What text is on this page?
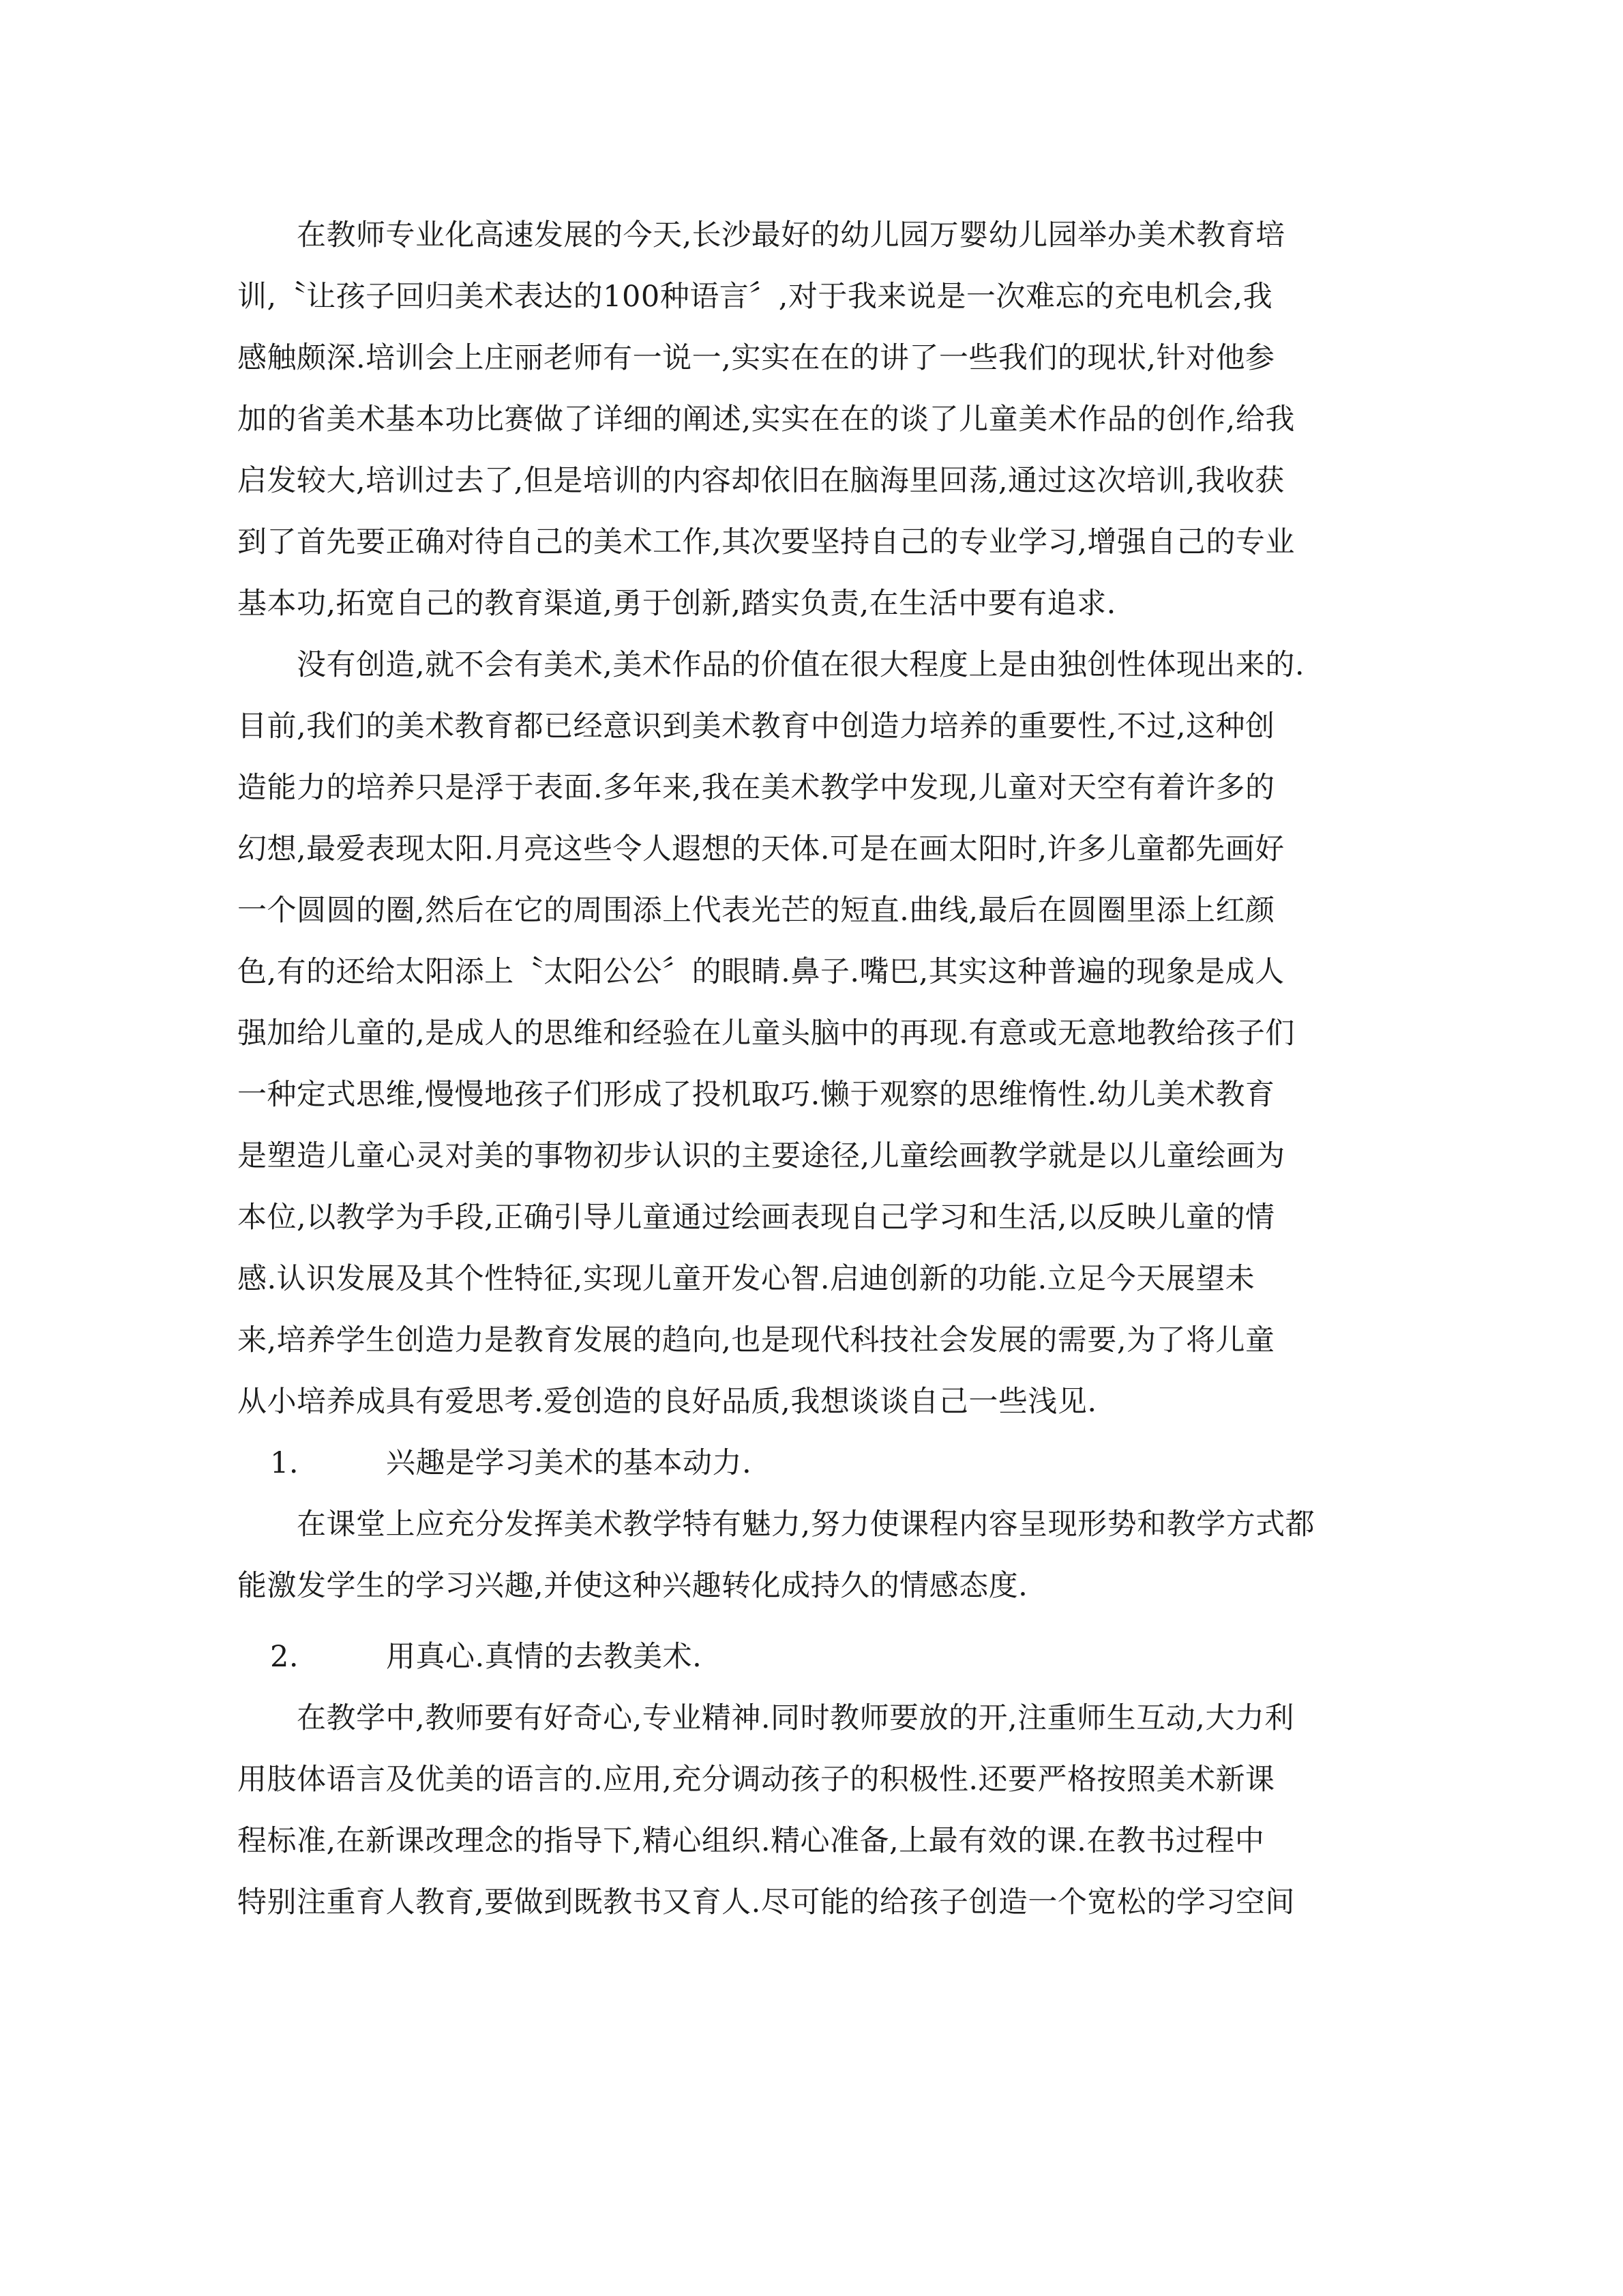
　　在教师专业化高速发展的今天,长沙最好的幼儿园万婴幼儿园举办美术教育培
训,〝让孩子回归美术表达的100种语言〞,对于我来说是一次难忘的充电机会,我
感触颇深.培训会上庄丽老师有一说一,实实在在的讲了一些我们的现状,针对他参
加的省美术基本功比赛做了详细的阐述,实实在在的谈了儿童美术作品的创作,给我
启发较大,培训过去了,但是培训的内容却依旧在脑海里回荡,通过这次培训,我收获
到了首先要正确对待自己的美术工作,其次要坚持自己的专业学习,增强自己的专业
基本功,拓宽自己的教育渠道,勇于创新,踏实负责,在生活中要有追求.
　　没有创造,就不会有美术,美术作品的价值在很大程度上是由独创性体现出来的.
目前,我们的美术教育都已经意识到美术教育中创造力培养的重要性,不过,这种创
造能力的培养只是浮于表面.多年来,我在美术教学中发现,儿童对天空有着许多的
幻想,最爱表现太阳.月亮这些令人遐想的天体.可是在画太阳时,许多儿童都先画好
一个圆圆的圈,然后在它的周围添上代表光芒的短直.曲线,最后在圆圈里添上红颜
色,有的还给太阳添上〝太阳公公〞的眼睛.鼻子.嘴巴,其实这种普遍的现象是成人
强加给儿童的,是成人的思维和经验在儿童头脑中的再现.有意或无意地教给孩子们
一种定式思维,慢慢地孩子们形成了投机取巧.懒于观察的思维惰性.幼儿美术教育
是塑造儿童心灵对美的事物初步认识的主要途径,儿童绘画教学就是以儿童绘画为
本位,以教学为手段,正确引导儿童通过绘画表现自己学习和生活,以反映儿童的情
感.认识发展及其个性特征,实现儿童开发心智.启迪创新的功能.立足今天展望未
来,培养学生创造力是教育发展的趋向,也是现代科技社会发展的需要,为了将儿童
从小培养成具有爱思考.爱创造的良好品质,我想谈谈自己一些浅见.
1.	兴趣是学习美术的基本动力.
　　在课堂上应充分发挥美术教学特有魅力,努力使课程内容呈现形势和教学方式都
能激发学生的学习兴趣,并使这种兴趣转化成持久的情感态度.
2.	用真心.真情的去教美术.
　　在教学中,教师要有好奇心,专业精神.同时教师要放的开,注重师生互动,大力利
用肢体语言及优美的语言的.应用,充分调动孩子的积极性.还要严格按照美术新课
程标准,在新课改理念的指导下,精心组织.精心准备,上最有效的课.在教书过程中
特别注重育人教育,要做到既教书又育人.尽可能的给孩子创造一个宽松的学习空间
